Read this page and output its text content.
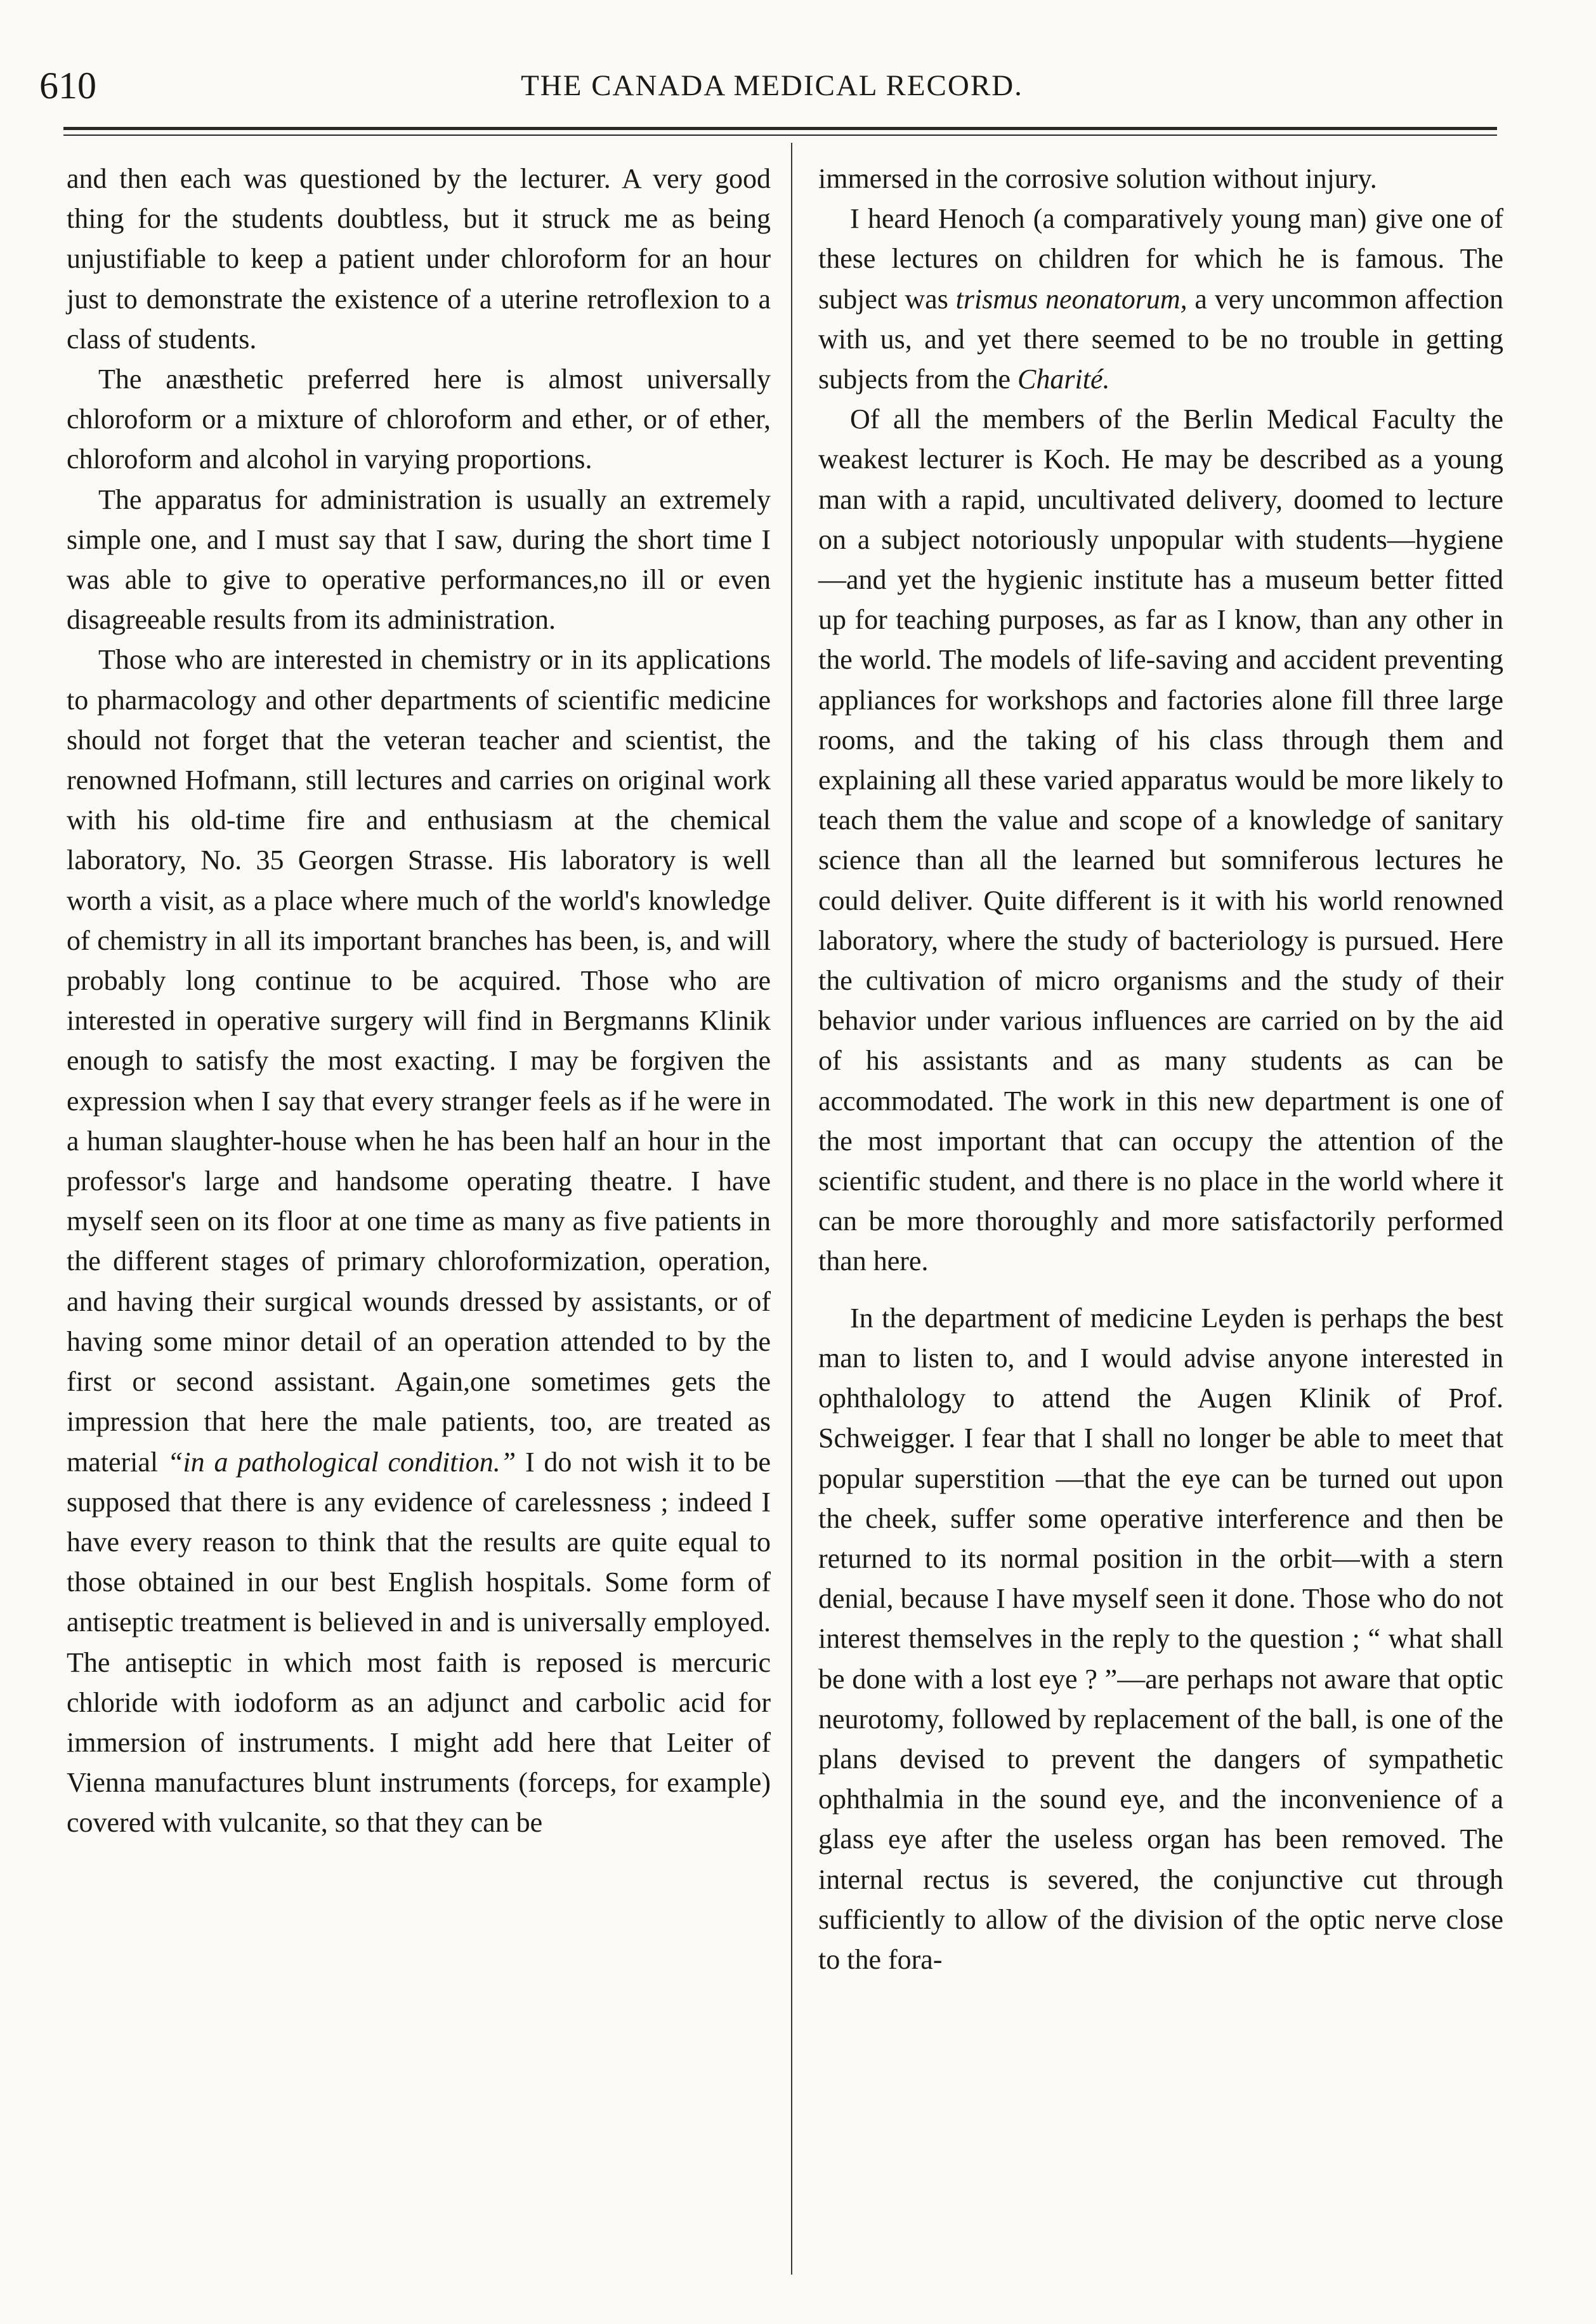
610	THE CANADA MEDICAL RECORD.

and then each was questioned by the lecturer. A very good thing for the students doubtless, but it struck me as being unjustifiable to keep a patient under chloroform for an hour just to demonstrate the existence of a uterine retroflexion to a class of students.

The anæsthetic preferred here is almost universally chloroform or a mixture of chloroform and ether, or of ether, chloroform and alcohol in varying proportions.

The apparatus for administration is usually an extremely simple one, and I must say that I saw, during the short time I was able to give to operative performances,no ill or even disagreeable results from its administration.

Those who are interested in chemistry or in its applications to pharmacology and other departments of scientific medicine should not forget that the veteran teacher and scientist, the renowned Hofmann, still lectures and carries on original work with his old-time fire and enthusiasm at the chemical laboratory, No. 35 Georgen Strasse. His laboratory is well worth a visit, as a place where much of the world's knowledge of chemistry in all its important branches has been, is, and will probably long continue to be acquired. Those who are interested in operative surgery will find in Bergmanns Klinik enough to satisfy the most exacting. I may be forgiven the expression when I say that every stranger feels as if he were in a human slaughter-house when he has been half an hour in the professor's large and handsome operating theatre. I have myself seen on its floor at one time as many as five patients in the different stages of primary chloroformization, operation, and having their surgical wounds dressed by assistants, or of having some minor detail of an operation attended to by the first or second assistant. Again,one sometimes gets the impression that here the male patients, too, are treated as material “in a pathological condition.” I do not wish it to be supposed that there is any evidence of carelessness ; indeed I have every reason to think that the results are quite equal to those obtained in our best English hospitals. Some form of antiseptic treatment is believed in and is universally employed. The antiseptic in which most faith is reposed is mercuric chloride with iodoform as an adjunct and carbolic acid for immersion of instruments. I might add here that Leiter of Vienna manufactures blunt instruments (forceps, for example) covered with vulcanite, so that they can be

immersed in the corrosive solution without injury.

I heard Henoch (a comparatively young man) give one of these lectures on children for which he is famous. The subject was trismus neonatorum, a very uncommon affection with us, and yet there seemed to be no trouble in getting subjects from the Charité.

Of all the members of the Berlin Medical Faculty the weakest lecturer is Koch. He may be described as a young man with a rapid, uncultivated delivery, doomed to lecture on a subject notoriously unpopular with students—hygiene—and yet the hygienic institute has a museum better fitted up for teaching purposes, as far as I know, than any other in the world. The models of life-saving and accident preventing appliances for workshops and factories alone fill three large rooms, and the taking of his class through them and explaining all these varied apparatus would be more likely to teach them the value and scope of a knowledge of sanitary science than all the learned but somniferous lectures he could deliver. Quite different is it with his world renowned laboratory, where the study of bacteriology is pursued. Here the cultivation of micro organisms and the study of their behavior under various influences are carried on by the aid of his assistants and as many students as can be accommodated. The work in this new department is one of the most important that can occupy the attention of the scientific student, and there is no place in the world where it can be more thoroughly and more satisfactorily performed than here.

In the department of medicine Leyden is perhaps the best man to listen to, and I would advise anyone interested in ophthalology to attend the Augen Klinik of Prof. Schweigger. I fear that I shall no longer be able to meet that popular superstition —that the eye can be turned out upon the cheek, suffer some operative interference and then be returned to its normal position in the orbit—with a stern denial, because I have myself seen it done. Those who do not interest themselves in the reply to the question ; “ what shall be done with a lost eye ? ”—are perhaps not aware that optic neurotomy, followed by replacement of the ball, is one of the plans devised to prevent the dangers of sympathetic ophthalmia in the sound eye, and the inconvenience of a glass eye after the useless organ has been removed. The internal rectus is severed, the conjunctive cut through sufficiently to allow of the division of the optic nerve close to the fora-
